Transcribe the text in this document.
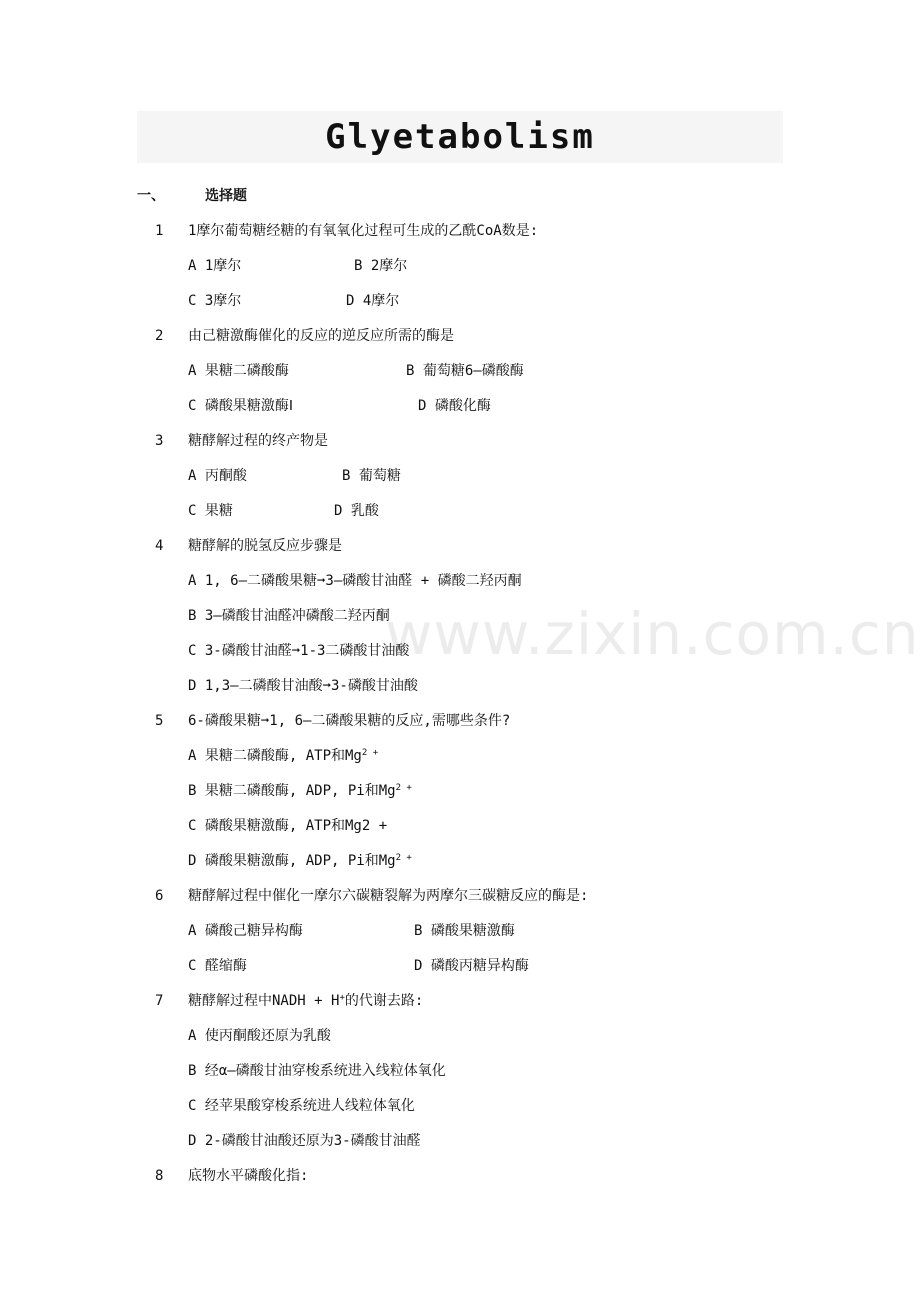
Glyetabolism
一、	选择题
www.zixin.com.cn
1 1摩尔葡萄糖经糖的有氧氧化过程可生成的乙酰CoA数是:
A 1摩尔	B 2摩尔
C 3摩尔	D 4摩尔
2 由己糖激酶催化的反应的逆反应所需的酶是
A 果糖二磷酸酶	B 葡萄糖6—磷酸酶
C 磷酸果糖激酶Ⅰ	D 磷酸化酶
3 糖酵解过程的终产物是
A 丙酮酸	B 葡萄糖
C 果糖	D 乳酸
4 糖酵解的脱氢反应步骤是
A 1, 6—二磷酸果糖➞3—磷酸甘油醛 + 磷酸二羟丙酮
B 3—磷酸甘油醛冲磷酸二羟丙酮
C 3-磷酸甘油醛➞1-3二磷酸甘油酸
D 1,3—二磷酸甘油酸➞3-磷酸甘油酸
5 6-磷酸果糖➞1, 6—二磷酸果糖的反应,需哪些条件?
A 果糖二磷酸酶, ATP和$Mg^{2 +}$
B 果糖二磷酸酶, ADP, Pi和$Mg^{2 +}$
C 磷酸果糖激酶, ATP和Mg2 +
D 磷酸果糖激酶, ADP, Pi和$Mg^{2 +}$
6 糖酵解过程中催化一摩尔六碳糖裂解为两摩尔三碳糖反应的酶是:
A 磷酸己糖异构酶	B 磷酸果糖激酶
C 醛缩酶	D 磷酸丙糖异构酶
7 糖酵解过程中NADH + H+的代谢去路:
A 使丙酮酸还原为乳酸
B 经α—磷酸甘油穿梭系统进入线粒体氧化
C 经苹果酸穿梭系统进人线粒体氧化
D 2-磷酸甘油酸还原为3-磷酸甘油醛
8 底物水平磷酸化指:
